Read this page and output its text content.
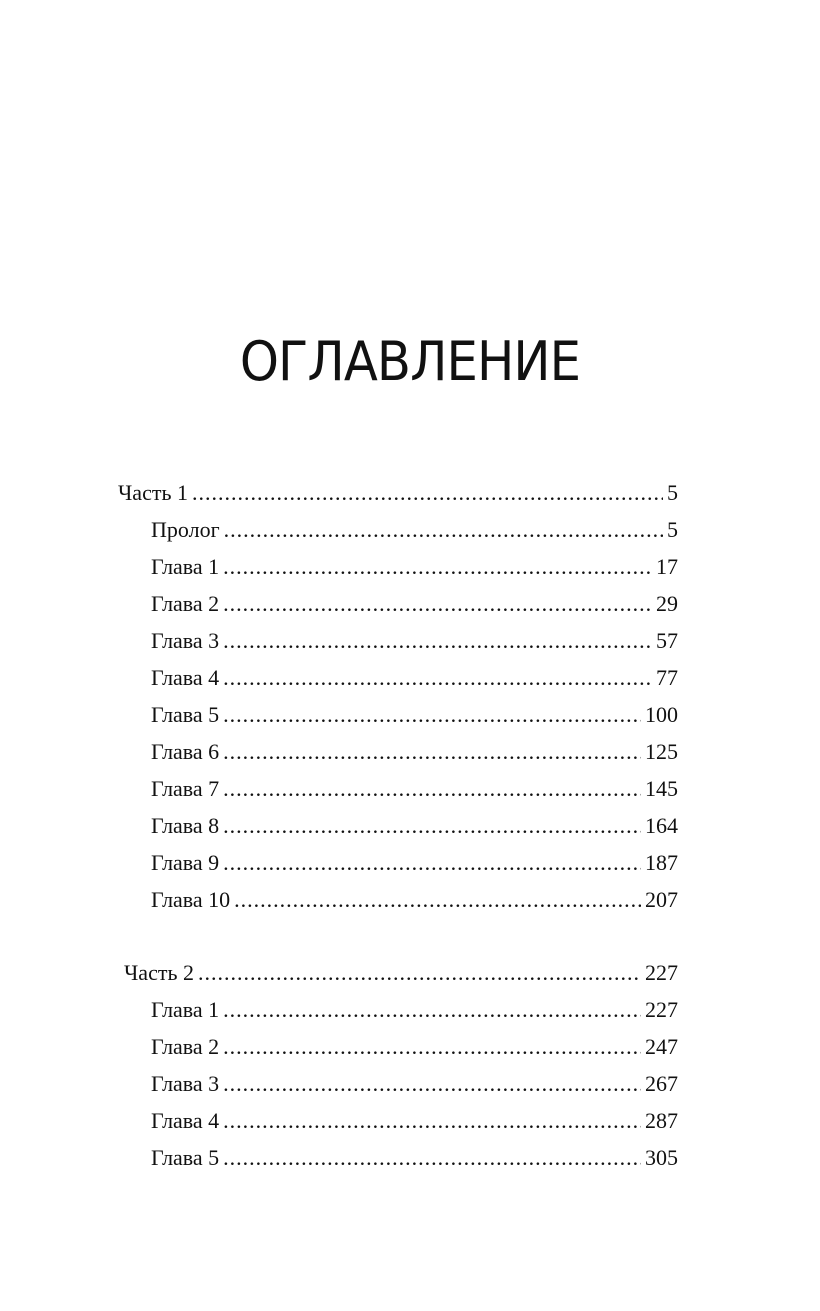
ОГЛАВЛЕНИЕ
Часть 1 .....	5
Пролог .....	5
Глава 1 .....	17
Глава 2 .....	29
Глава 3 .....	57
Глава 4 .....	77
Глава 5 .....	100
Глава 6 .....	125
Глава 7 .....	145
Глава 8 .....	164
Глава 9 .....	187
Глава 10 .....	207
Часть 2 .....	227
Глава 1 .....	227
Глава 2 .....	247
Глава 3 .....	267
Глава 4 .....	287
Глава 5 .....	305
